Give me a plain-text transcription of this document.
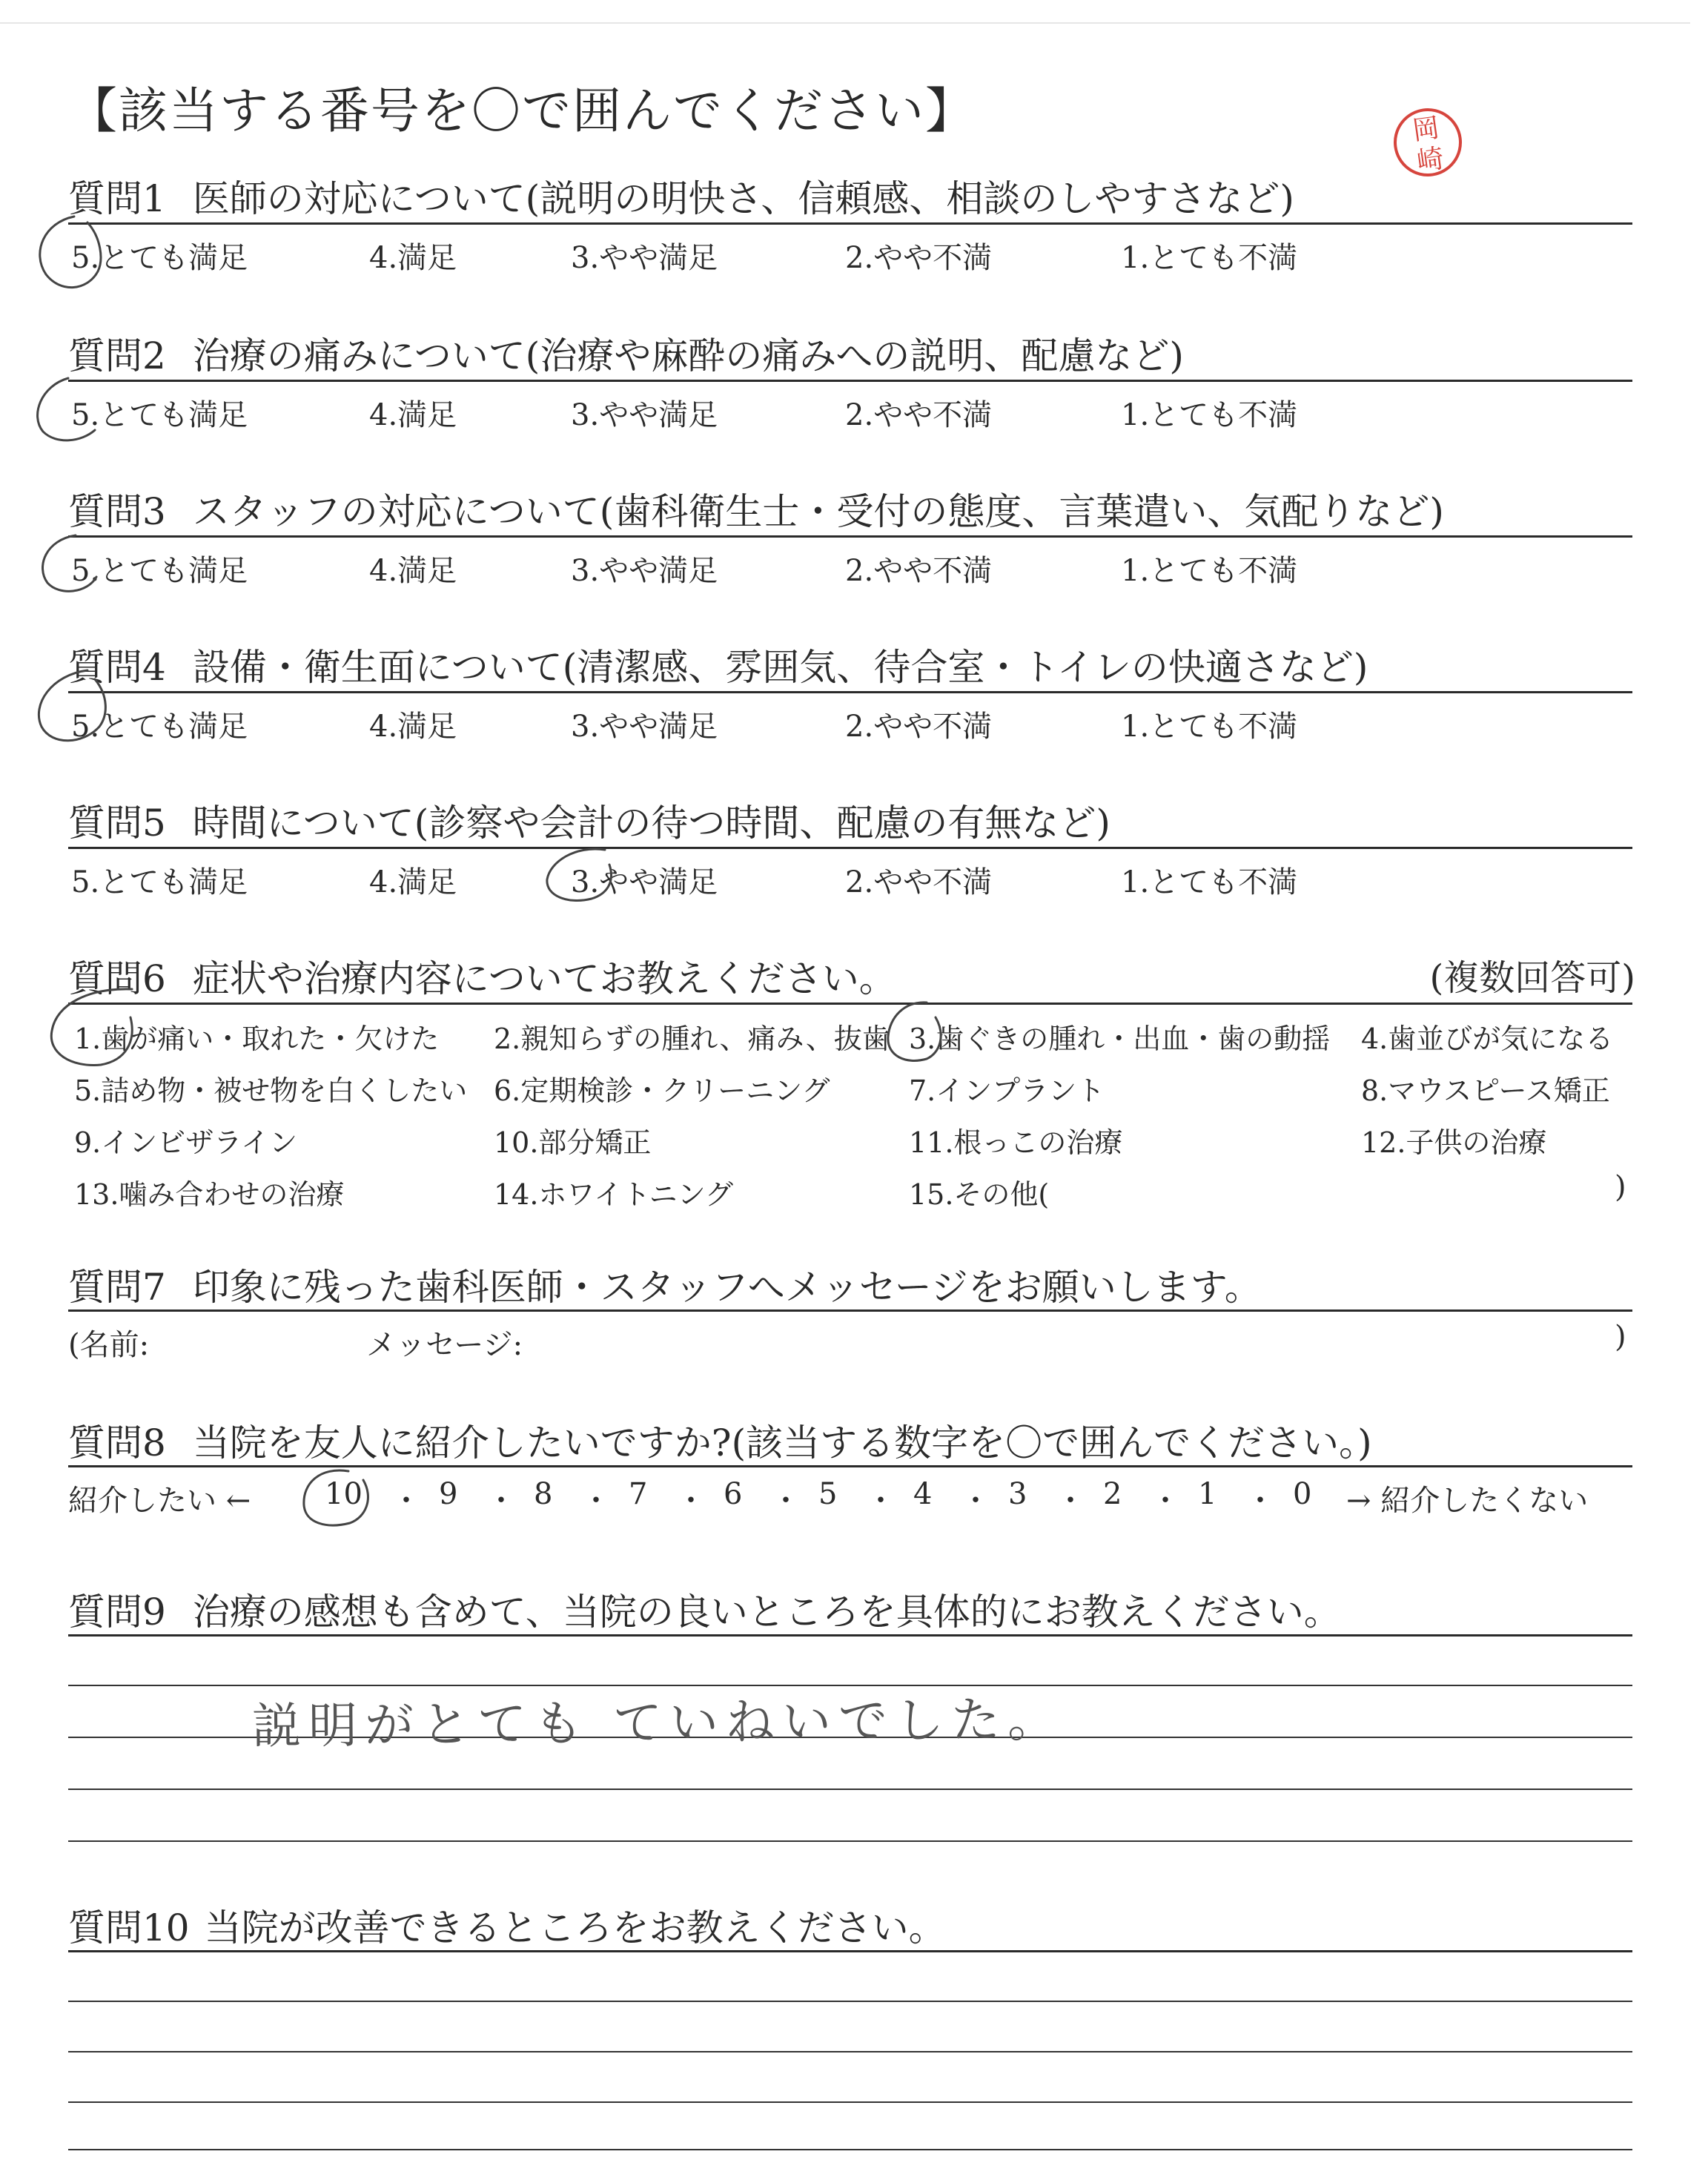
【該当する番号を〇で囲んでください】	岡
崎
質問1 医師の対応について(説明の明快さ、信頼感、相談のしやすさなど)
5.とても満足	4.満足	3.やや満足	2.やや不満	1.とても不満
質問2 治療の痛みについて(治療や麻酔の痛みへの説明、配慮など)
5.とても満足	4.満足	3.やや満足	2.やや不満	1.とても不満
質問3 スタッフの対応について(歯科衛生士・受付の態度、言葉遣い、気配りなど)
5.とても満足	4.満足	3.やや満足	2.やや不満	1.とても不満
質問4 設備・衛生面について(清潔感、雰囲気、待合室・トイレの快適さなど)
5.とても満足	4.満足	3.やや満足	2.やや不満	1.とても不満
質問5 時間について(診察や会計の待つ時間、配慮の有無など)
5.とても満足	4.満足	3.やや満足	2.やや不満	1.とても不満
質問6 症状や治療内容についてお教えください。	(複数回答可)
1.歯が痛い・取れた・欠けた 2.親知らずの腫れ、痛み、抜歯 3.歯ぐきの腫れ・出血・歯の動揺 4.歯並びが気になる
5.詰め物・被せ物を白くしたい 6.定期検診・クリーニング	7.インプラント	8.マウスピース矯正
9.インビザライン	10.部分矯正	11.根っこの治療	12.子供の治療
13.噛み合わせの治療	14.ホワイトニング	15.その他(	)
質問7 印象に残った歯科医師・スタッフへメッセージをお願いします。
(名前:	メッセージ:	)
質問8 当院を友人に紹介したいですか?(該当する数字を〇で囲んでください。)
紹介したい ← 10 ・ 9 ・ 8 ・ 7 ・ 6 ・ 5 ・ 4 ・ 3 ・ 2 ・ 1 ・ 0 → 紹介したくない
質問9 治療の感想も含めて、当院の良いところを具体的にお教えください。
説明がとても ていねいでした。
質問10 当院が改善できるところをお教えください。
